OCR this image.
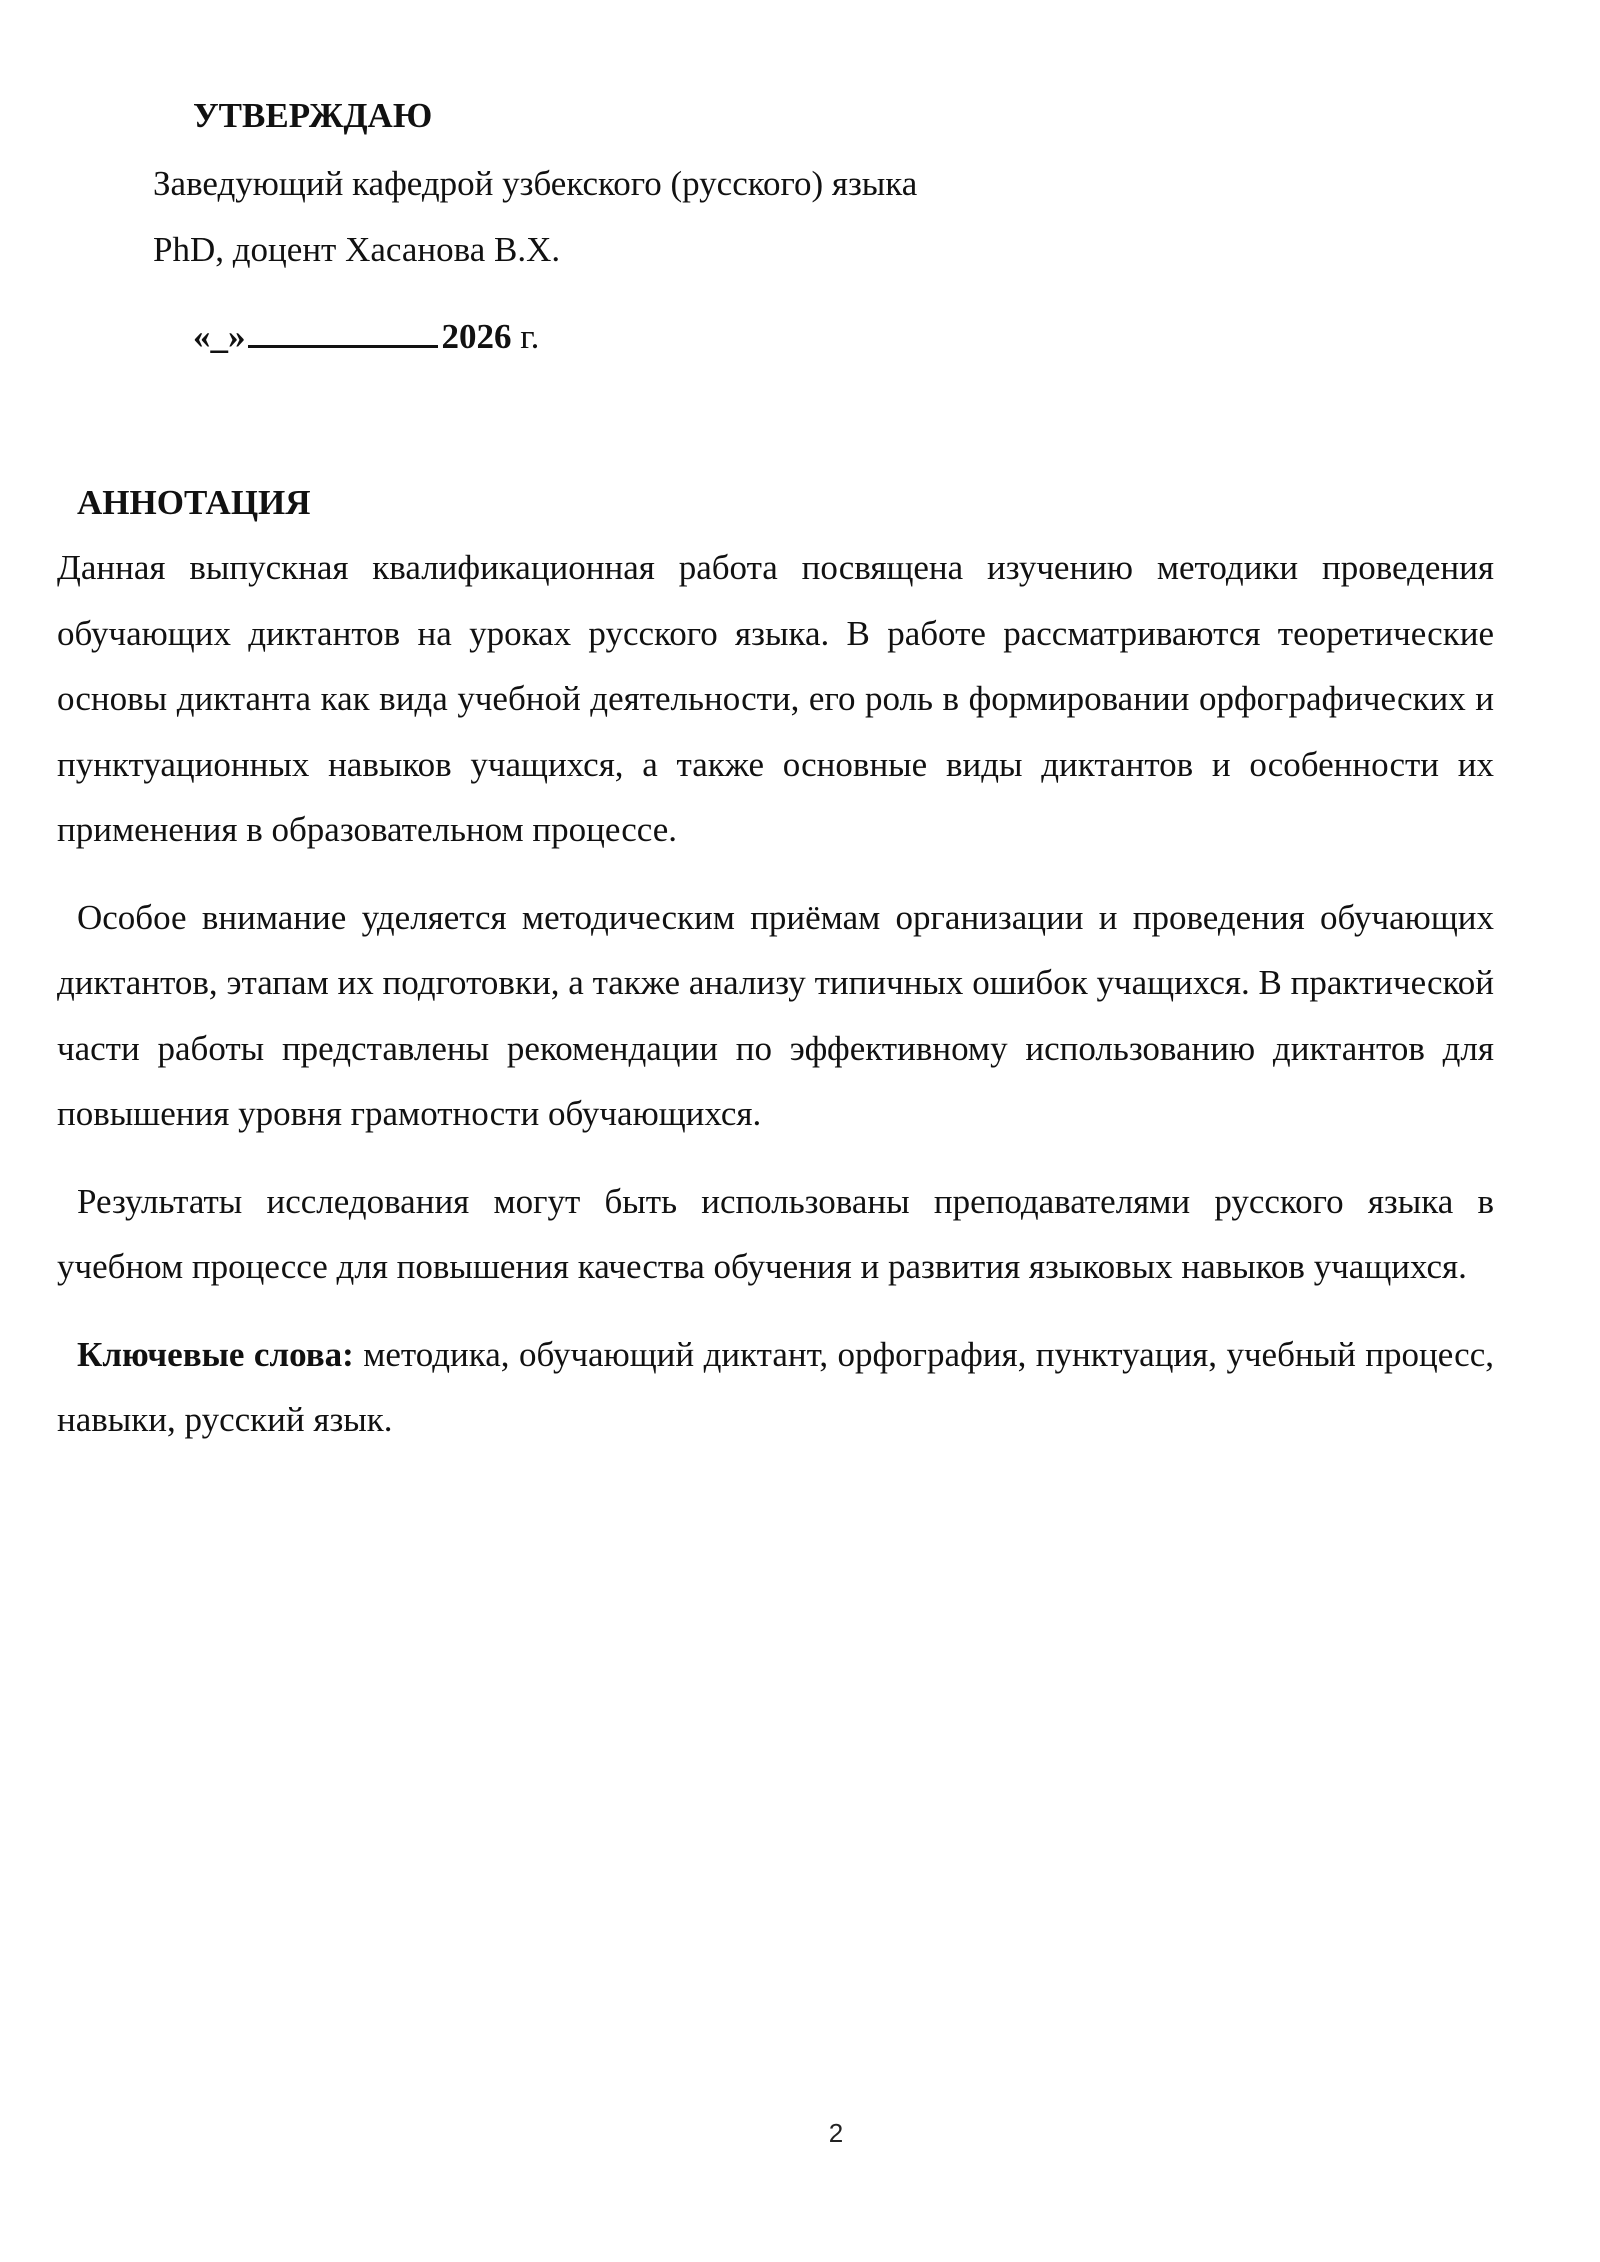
УТВЕРЖДАЮ
Заведующий кафедрой узбекского (русского) языка
PhD, доцент Хасанова В.Х.
«_»	2026 г.
АННОТАЦИЯ

Данная выпускная квалификационная работа посвящена изучению методики проведения обучающих диктантов на уроках русского языка. В работе рассматриваются теоретические основы диктанта как вида учебной деятельности, его роль в формировании орфографических и пунктуационных навыков учащихся, а также основные виды диктантов и особенности их применения в образовательном процессе.

Особое внимание уделяется методическим приёмам организации и проведения обучающих диктантов, этапам их подготовки, а также анализу типичных ошибок учащихся. В практической части работы представлены рекомендации по эффективному использованию диктантов для повышения уровня грамотности обучающихся.

Результаты исследования могут быть использованы преподавателями русского языка в учебном процессе для повышения качества обучения и развития языковых навыков учащихся.

Ключевые слова: методика, обучающий диктант, орфография, пунктуация, учебный процесс, навыки, русский язык.

2
